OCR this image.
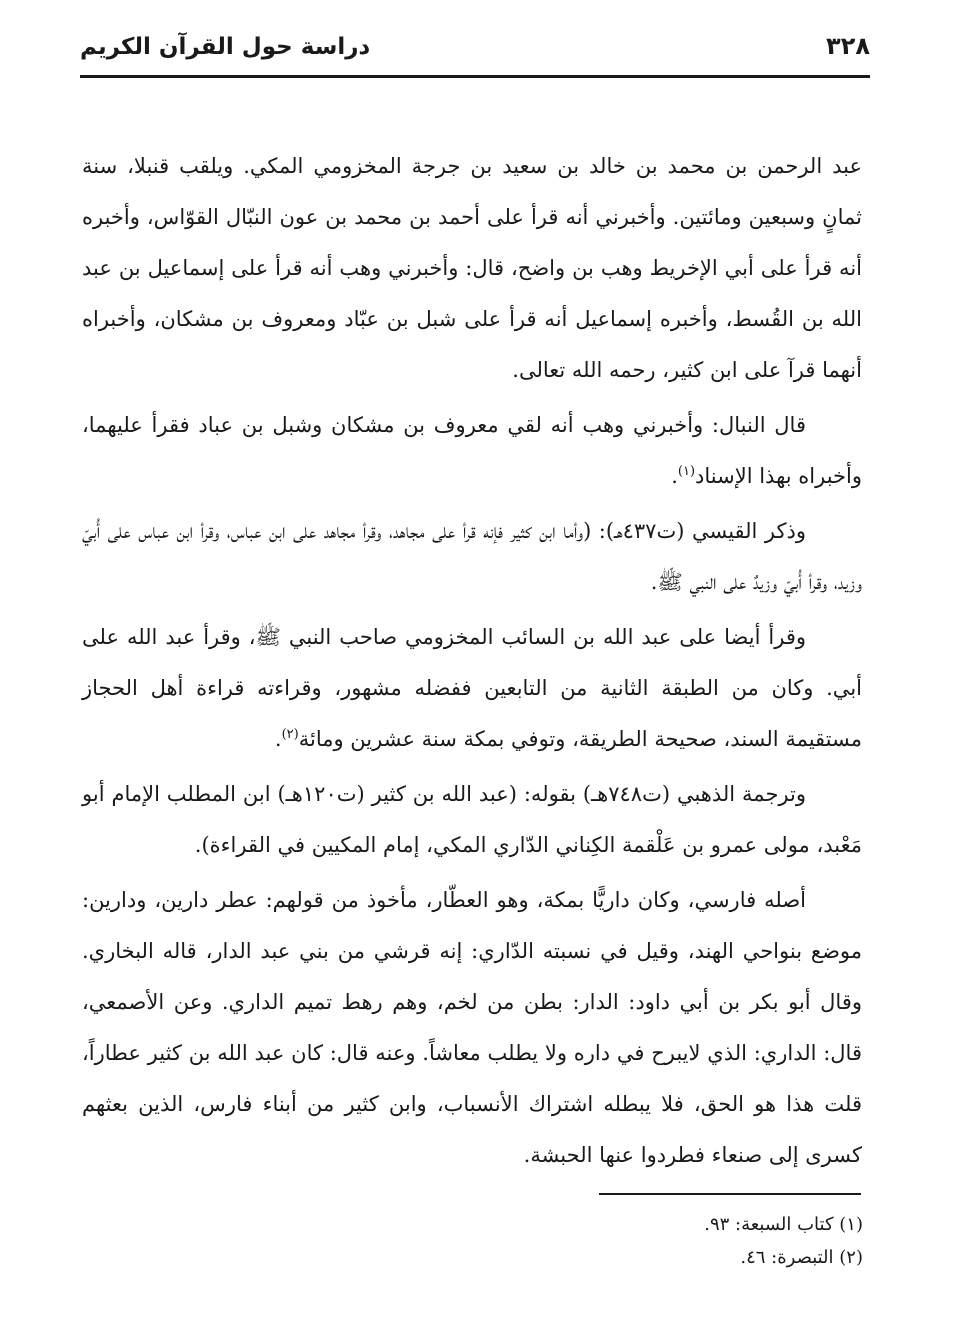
٣٢٨
دراسة حول القرآن الكريم

عبد الرحمن بن محمد بن خالد بن سعيد بن جرجة المخزومي المكي. ويلقب قنبلا، سنة ثمانٍ وسبعين ومائتين. وأخبرني أنه قرأ على أحمد بن محمد بن عون النبّال القوّاس، وأخبره أنه قرأ على أبي الإخريط وهب بن واضح، قال: وأخبرني وهب أنه قرأ على إسماعيل بن عبد الله بن القُسط، وأخبره إسماعيل أنه قرأ على شبل بن عبّاد ومعروف بن مشكان، وأخبراه أنهما قرآ على ابن كثير، رحمه الله تعالى.

قال النبال: وأخبرني وهب أنه لقي معروف بن مشكان وشبل بن عباد فقرأ عليهما، وأخبراه بهذا الإسناد$^{(١)}$.

وذكر القيسي (ت٤٣٧هـ): (وأما ابن كثير فإنه قرأ على مجاهد، وقرأ مجاهد على ابن عباس، وقرأ ابن عباس على أُبيّ وزيد، وقرأ أُبيّ وزيدٌ على النبي ﷺ.

وقرأ أيضا على عبد الله بن السائب المخزومي صاحب النبي ﷺ، وقرأ عبد الله على أبي. وكان من الطبقة الثانية من التابعين ففضله مشهور، وقراءته قراءة أهل الحجاز مستقيمة السند، صحيحة الطريقة، وتوفي بمكة سنة عشرين ومائة$^{(٢)}$.

وترجمة الذهبي (ت٧٤٨هـ) بقوله: (عبد الله بن كثير (ت١٢٠هـ) ابن المطلب الإمام أبو مَعْبد، مولى عمرو بن عَلْقمة الكِناني الدّاري المكي، إمام المكيين في القراءة).

أصله فارسي، وكان داريًّا بمكة، وهو العطّار، مأخوذ من قولهم: عطر دارين، ودارين: موضع بنواحي الهند، وقيل في نسبته الدّاري: إنه قرشي من بني عبد الدار، قاله البخاري. وقال أبو بكر بن أبي داود: الدار: بطن من لخم، وهم رهط تميم الداري. وعن الأصمعي، قال: الداري: الذي لايبرح في داره ولا يطلب معاشاً. وعنه قال: كان عبد الله بن كثير عطاراً، قلت هذا هو الحق، فلا يبطله اشتراك الأنسباب، وابن كثير من أبناء فارس، الذين بعثهم كسرى إلى صنعاء فطردوا عنها الحبشة.

(١) كتاب السبعة: ٩٣.
(٢) التبصرة: ٤٦.
